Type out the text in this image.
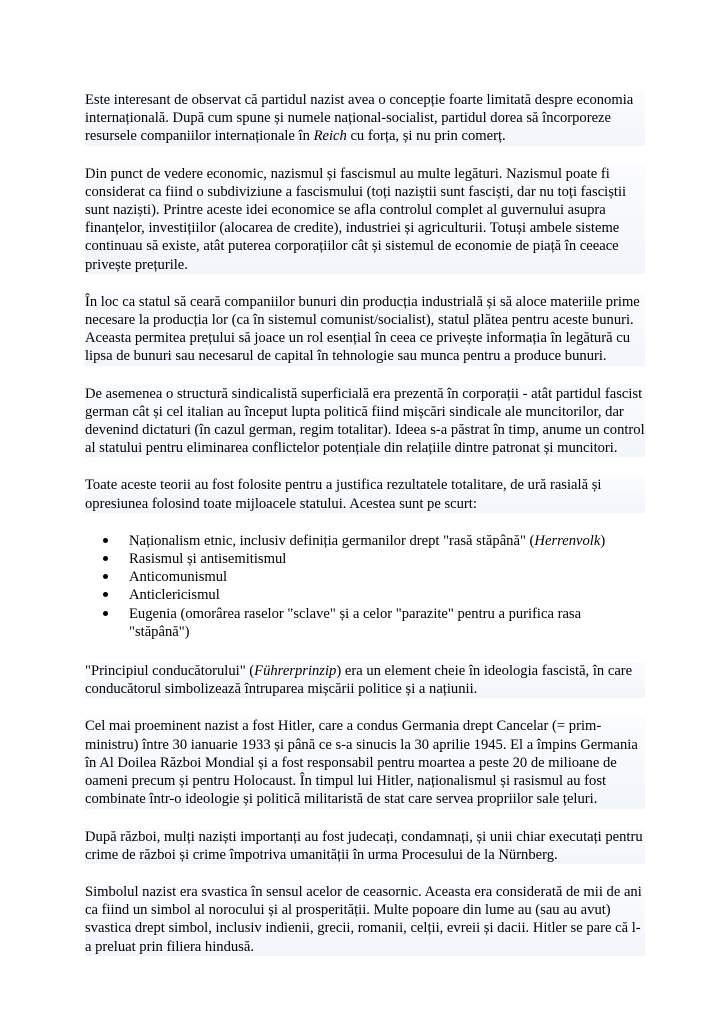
Este interesant de observat că partidul nazist avea o concepție foarte limitată despre economia internațională. După cum spune și numele național-socialist, partidul dorea să încorporeze resursele companiilor internaționale în Reich cu forța, și nu prin comerț.

Din punct de vedere economic, nazismul și fascismul au multe legături. Nazismul poate fi considerat ca fiind o subdiviziune a fascismului (toți naziștii sunt fasciști, dar nu toți fasciștii sunt naziști). Printre aceste idei economice se afla controlul complet al guvernului asupra finanțelor, investițiilor (alocarea de credite), industriei și agriculturii. Totuși ambele sisteme continuau să existe, atât puterea corporațiilor cât și sistemul de economie de piață în ceeace privește prețurile.

În loc ca statul să ceară companiilor bunuri din producția industrială și să aloce materiile prime necesare la producția lor (ca în sistemul comunist/socialist), statul plătea pentru aceste bunuri. Aceasta permitea prețului să joace un rol esențial în ceea ce privește informația în legătură cu lipsa de bunuri sau necesarul de capital în tehnologie sau munca pentru a produce bunuri.

De asemenea o structură sindicalistă superficială era prezentă în corporații - atât partidul fascist german cât și cel italian au început lupta politică fiind mișcări sindicale ale muncitorilor, dar devenind dictaturi (în cazul german, regim totalitar). Ideea s-a păstrat în timp, anume un control al statului pentru eliminarea conflictelor potențiale din relațiile dintre patronat și muncitori.

Toate aceste teorii au fost folosite pentru a justifica rezultatele totalitare, de ură rasială și opresiunea folosind toate mijloacele statului. Acestea sunt pe scurt:

Naționalism etnic, inclusiv definiția germanilor drept "rasă stăpână" (Herrenvolk)
Rasismul și antisemitismul
Anticomunismul
Anticlericismul
Eugenia (omorârea raselor "sclave" și a celor "parazite" pentru a purifica rasa "stăpână")

"Principiul conducătorului" (Führerprinzip) era un element cheie în ideologia fascistă, în care conducătorul simbolizează întruparea mișcării politice și a națiunii.

Cel mai proeminent nazist a fost Hitler, care a condus Germania drept Cancelar (= prim-ministru) între 30 ianuarie 1933 și până ce s-a sinucis la 30 aprilie 1945. El a împins Germania în Al Doilea Război Mondial și a fost responsabil pentru moartea a peste 20 de milioane de oameni precum și pentru Holocaust. În timpul lui Hitler, naționalismul și rasismul au fost combinate într-o ideologie și politică militaristă de stat care servea propriilor sale țeluri.

După război, mulți naziști importanți au fost judecați, condamnați, și unii chiar executați pentru crime de război și crime împotriva umanității în urma Procesului de la Nürnberg.

Simbolul nazist era svastica în sensul acelor de ceasornic. Aceasta era considerată de mii de ani ca fiind un simbol al norocului și al prosperității. Multe popoare din lume au (sau au avut) svastica drept simbol, inclusiv indienii, grecii, romanii, celții, evreii și dacii. Hitler se pare că l-a preluat prin filiera hindusă.
